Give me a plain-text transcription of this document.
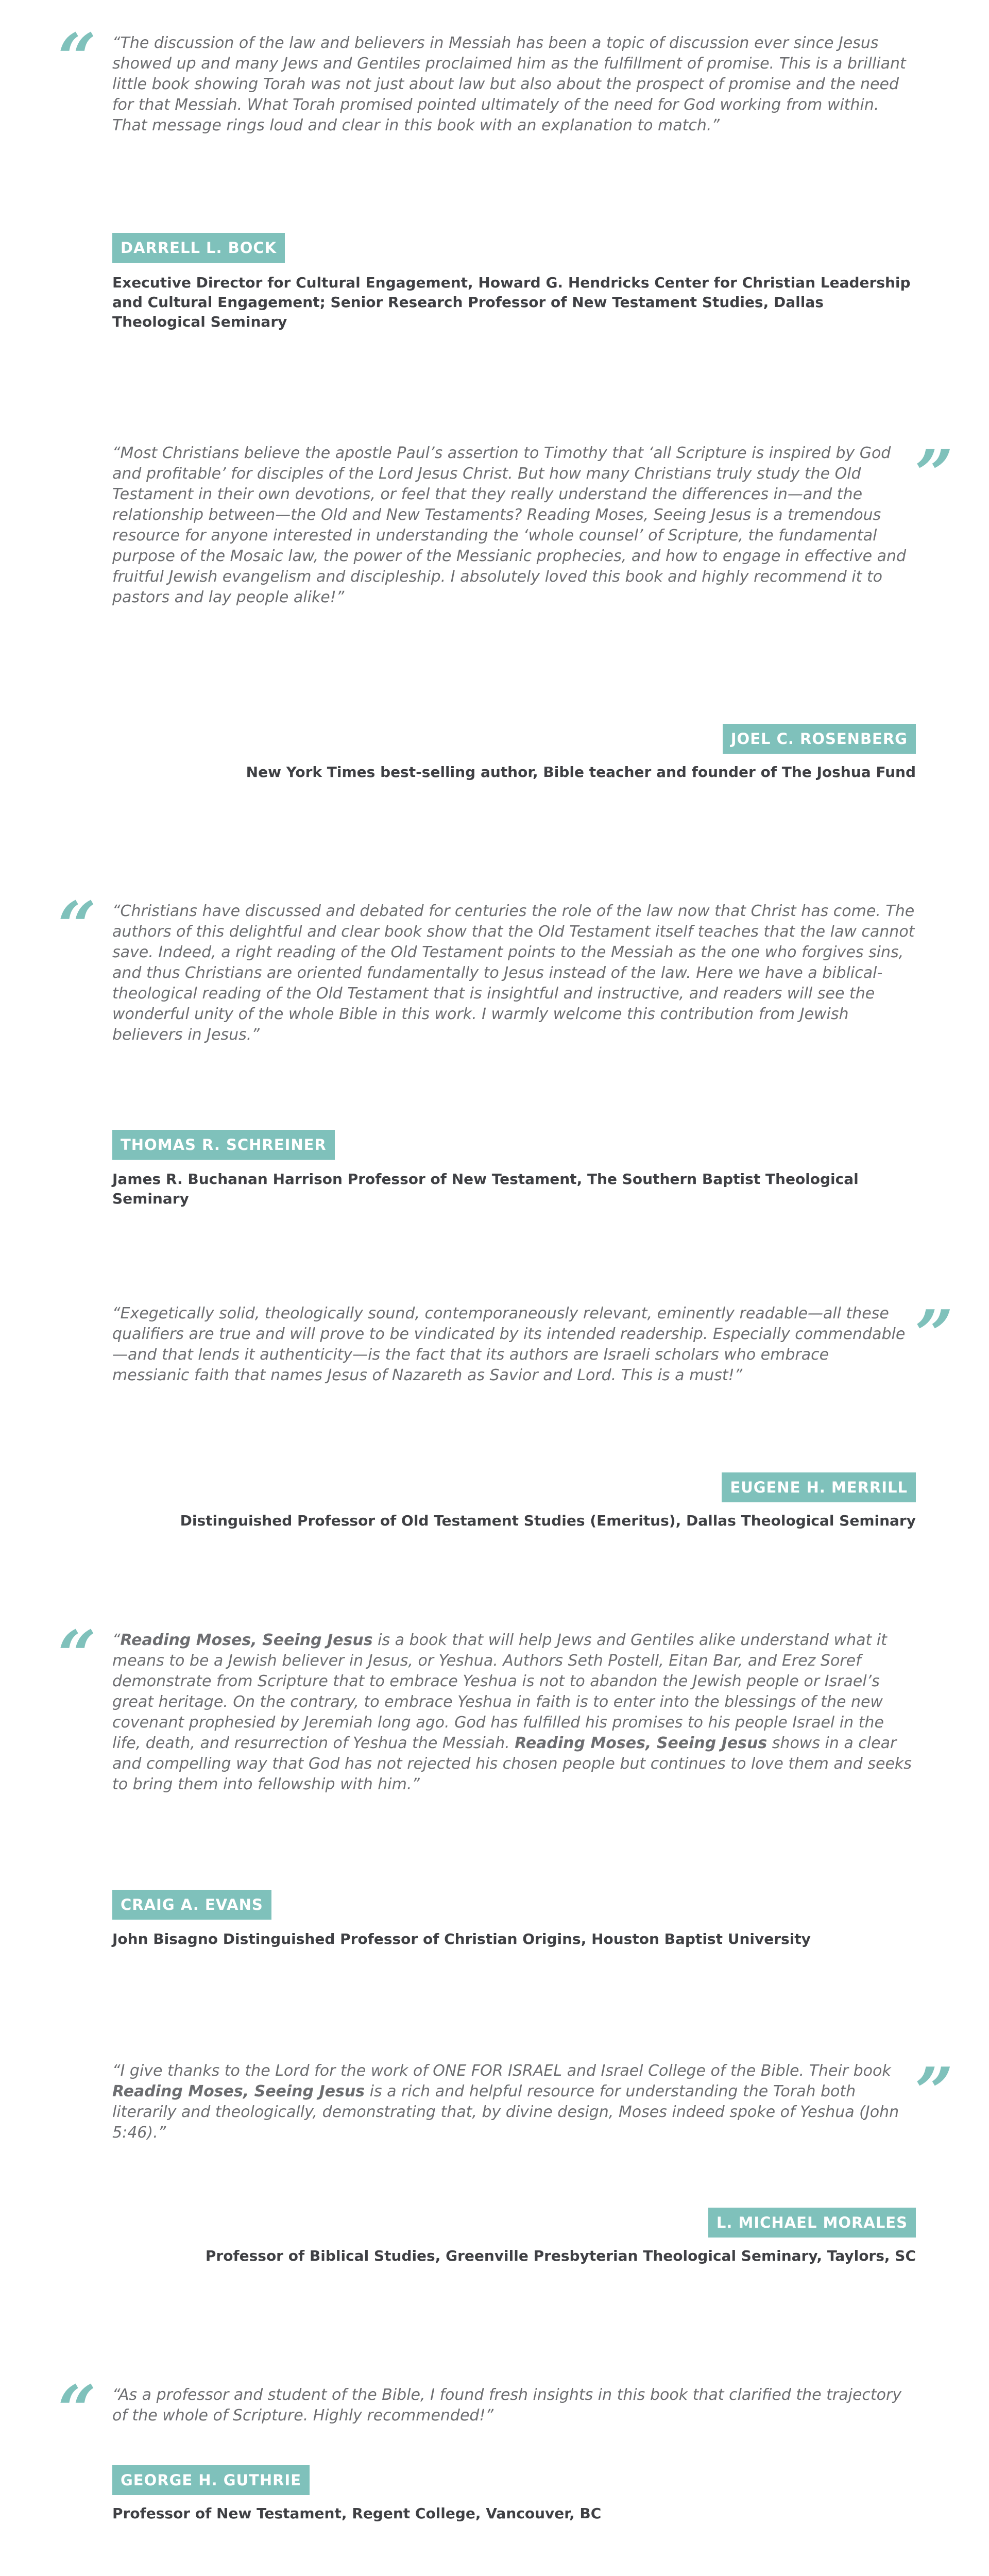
“ “The discussion of the law and believers in Messiah has been a topic of discussion ever since Jesus showed up and many Jews and Gentiles proclaimed him as the fulfillment of promise. This is a brilliant little book showing Torah was not just about law but also about the prospect of promise and the need for that Messiah. What Torah promised pointed ultimately of the need for God working from within. That message rings loud and clear in this book with an explanation to match.”

DARRELL L. BOCK

Executive Director for Cultural Engagement, Howard G. Hendricks Center for Christian Leadership and Cultural Engagement; Senior Research Professor of New Testament Studies, Dallas Theological Seminary

”

“Most Christians believe the apostle Paul’s assertion to Timothy that ‘all Scripture is inspired by God and profitable’ for disciples of the Lord Jesus Christ. But how many Christians truly study the Old Testament in their own devotions, or feel that they really understand the differences in—and the relationship between—the Old and New Testaments? Reading Moses, Seeing Jesus is a tremendous resource for anyone interested in understanding the ‘whole counsel’ of Scripture, the fundamental purpose of the Mosaic law, the power of the Messianic prophecies, and how to engage in effective and fruitful Jewish evangelism and discipleship. I absolutely loved this book and highly recommend it to pastors and lay people alike!”

JOEL C. ROSENBERG

New York Times best-selling author, Bible teacher and founder of The Joshua Fund

“ “Christians have discussed and debated for centuries the role of the law now that Christ has come. The authors of this delightful and clear book show that the Old Testament itself teaches that the law cannot save. Indeed, a right reading of the Old Testament points to the Messiah as the one who forgives sins, and thus Christians are oriented fundamentally to Jesus instead of the law. Here we have a biblical-theological reading of the Old Testament that is insightful and instructive, and readers will see the wonderful unity of the whole Bible in this work. I warmly welcome this contribution from Jewish believers in Jesus.”

THOMAS R. SCHREINER

James R. Buchanan Harrison Professor of New Testament, The Southern Baptist Theological Seminary

”

“Exegetically solid, theologically sound, contemporaneously relevant, eminently readable—all these qualifiers are true and will prove to be vindicated by its intended readership. Especially commendable—and that lends it authenticity—is the fact that its authors are Israeli scholars who embrace messianic faith that names Jesus of Nazareth as Savior and Lord. This is a must!”

EUGENE H. MERRILL

Distinguished Professor of Old Testament Studies (Emeritus), Dallas Theological Seminary

“ “Reading Moses, Seeing Jesus is a book that will help Jews and Gentiles alike understand what it means to be a Jewish believer in Jesus, or Yeshua. Authors Seth Postell, Eitan Bar, and Erez Soref demonstrate from Scripture that to embrace Yeshua is not to abandon the Jewish people or Israel’s great heritage. On the contrary, to embrace Yeshua in faith is to enter into the blessings of the new covenant prophesied by Jeremiah long ago. God has fulfilled his promises to his people Israel in the life, death, and resurrection of Yeshua the Messiah. Reading Moses, Seeing Jesus shows in a clear and compelling way that God has not rejected his chosen people but continues to love them and seeks to bring them into fellowship with him.”

CRAIG A. EVANS

John Bisagno Distinguished Professor of Christian Origins, Houston Baptist University

”

“I give thanks to the Lord for the work of ONE FOR ISRAEL and Israel College of the Bible. Their book Reading Moses, Seeing Jesus is a rich and helpful resource for understanding the Torah both literarily and theologically, demonstrating that, by divine design, Moses indeed spoke of Yeshua (John 5:46).”

L. MICHAEL MORALES

Professor of Biblical Studies, Greenville Presbyterian Theological Seminary, Taylors, SC

“ “As a professor and student of the Bible, I found fresh insights in this book that clarified the trajectory of the whole of Scripture. Highly recommended!”

GEORGE H. GUTHRIE

Professor of New Testament, Regent College, Vancouver, BC
